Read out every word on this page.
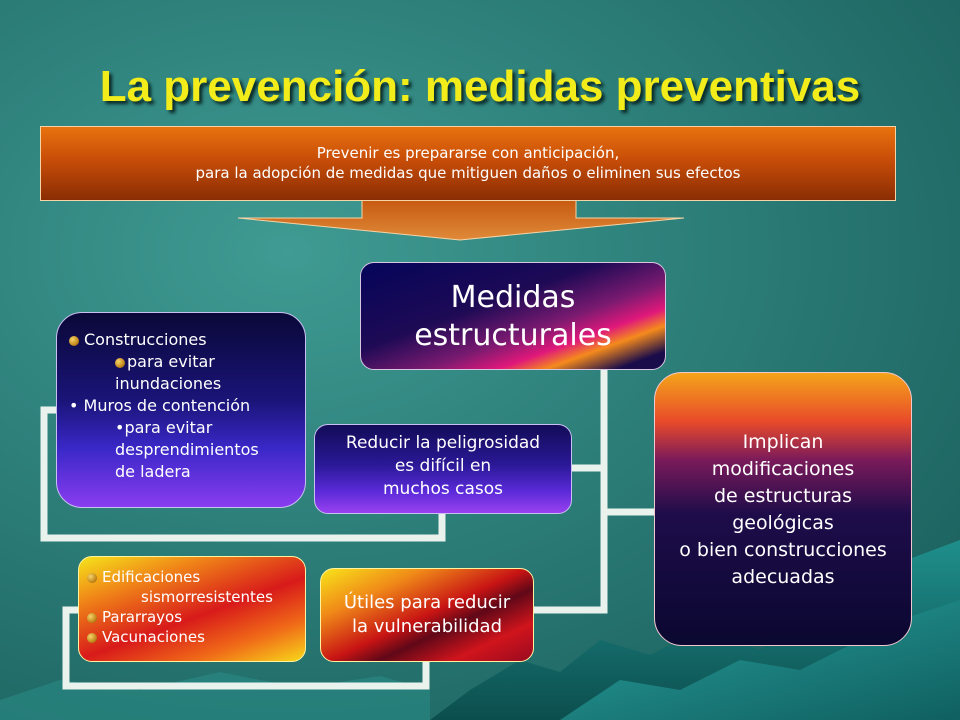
La prevención: medidas preventivas
Prevenir es prepararse con anticipación,
para la adopción de medidas que mitiguen daños o eliminen sus efectos
Medidas
estructurales
Construcciones
para evitar
inundaciones
• Muros de contención
•para evitar
desprendimientos
de ladera
Reducir la peligrosidad
es difícil en
muchos casos
Implican
modificaciones
de estructuras
geológicas
o bien construcciones
adecuadas
Edificaciones
sismorresistentes
Pararrayos
Vacunaciones
Útiles para reducir
la vulnerabilidad
